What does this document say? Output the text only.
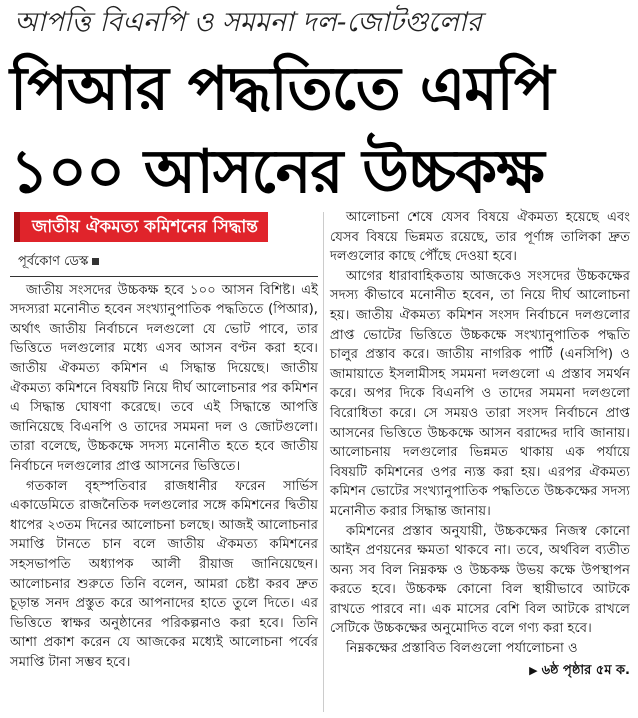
আপত্তি বিএনপি ও সমমনা দল-জোটগুলোর
পিআর পদ্ধতিতে এমপি
১০০ আসনের উচ্চকক্ষ
জাতীয় ঐকমত্য কমিশনের সিদ্ধান্ত
পূর্বকোণ ডেস্ক

জাতীয় সংসদের উচ্চকক্ষ হবে ১০০ আসন বিশিষ্ট। এই সদস্যরা মনোনীত হবেন সংখ্যানুপাতিক পদ্ধতিতে (পিআর), অর্থাৎ জাতীয় নির্বাচনে দলগুলো যে ভোট পাবে, তার ভিত্তিতে দলগুলোর মধ্যে এসব আসন বণ্টন করা হবে। জাতীয় ঐকমত্য কমিশন এ সিদ্ধান্ত দিয়েছে। জাতীয় ঐকমত্য কমিশনে বিষয়টি নিয়ে দীর্ঘ আলোচনার পর কমিশন এ সিদ্ধান্ত ঘোষণা করেছে। তবে এই সিদ্ধান্তে আপত্তি জানিয়েছে বিএনপি ও তাদের সমমনা দল ও জোটগুলো। তারা বলেছে, উচ্চকক্ষে সদস্য মনোনীত হতে হবে জাতীয় নির্বাচনে দলগুলোর প্রাপ্ত আসনের ভিত্তিতে।

গতকাল বৃহস্পতিবার রাজধানীর ফরেন সার্ভিস একাডেমিতে রাজনৈতিক দলগুলোর সঙ্গে কমিশনের দ্বিতীয় ধাপের ২৩তম দিনের আলোচনা চলছে। আজই আলোচনার সমাপ্তি টানতে চান বলে জাতীয় ঐকমত্য কমিশনের সহসভাপতি অধ্যাপক আলী রীয়াজ জানিয়েছেন। আলোচনার শুরুতে তিনি বলেন, আমরা চেষ্টা করব দ্রুত চূড়ান্ত সনদ প্রস্তুত করে আপনাদের হাতে তুলে দিতে। এর ভিত্তিতে স্বাক্ষর অনুষ্ঠানের পরিকল্পনাও করা হবে। তিনি আশা প্রকাশ করেন যে আজকের মধ্যেই আলোচনা পর্বের সমাপ্তি টানা সম্ভব হবে।

আলোচনা শেষে যেসব বিষয়ে ঐকমত্য হয়েছে এবং যেসব বিষয়ে ভিন্নমত রয়েছে, তার পূর্ণাঙ্গ তালিকা দ্রুত দলগুলোর কাছে পৌঁছে দেওয়া হবে।

আগের ধারাবাহিকতায় আজকেও সংসদের উচ্চকক্ষের সদস্য কীভাবে মনোনীত হবেন, তা নিয়ে দীর্ঘ আলোচনা হয়। জাতীয় ঐকমত্য কমিশন সংসদ নির্বাচনে দলগুলোর প্রাপ্ত ভোটের ভিত্তিতে উচ্চকক্ষে সংখ্যানুপাতিক পদ্ধতি চালুর প্রস্তাব করে। জাতীয় নাগরিক পার্টি (এনসিপি) ও জামায়াতে ইসলামীসহ সমমনা দলগুলো এ প্রস্তাব সমর্থন করে। অপর দিকে বিএনপি ও তাদের সমমনা দলগুলো বিরোধিতা করে। সে সময়ও তারা সংসদ নির্বাচনে প্রাপ্ত আসনের ভিত্তিতে উচ্চকক্ষে আসন বরাদ্দের দাবি জানায়। আলোচনায় দলগুলোর ভিন্নমত থাকায় এক পর্যায়ে বিষয়টি কমিশনের ওপর ন্যস্ত করা হয়। এরপর ঐকমত্য কমিশন ভোটের সংখ্যানুপাতিক পদ্ধতিতে উচ্চকক্ষের সদস্য মনোনীত করার সিদ্ধান্ত জানায়।

কমিশনের প্রস্তাব অনুযায়ী, উচ্চকক্ষের নিজস্ব কোনো আইন প্রণয়নের ক্ষমতা থাকবে না। তবে, অর্থবিল ব্যতীত অন্য সব বিল নিম্নকক্ষ ও উচ্চকক্ষ উভয় কক্ষে উপস্থাপন করতে হবে। উচ্চকক্ষ কোনো বিল স্থায়ীভাবে আটকে রাখতে পারবে না। এক মাসের বেশি বিল আটকে রাখলে সেটিকে উচ্চকক্ষের অনুমোদিত বলে গণ্য করা হবে।

নিম্নকক্ষের প্রস্তাবিত বিলগুলো পর্যালোচনা ও

▶ ৬ষ্ঠ পৃষ্ঠার ৫ম ক.
